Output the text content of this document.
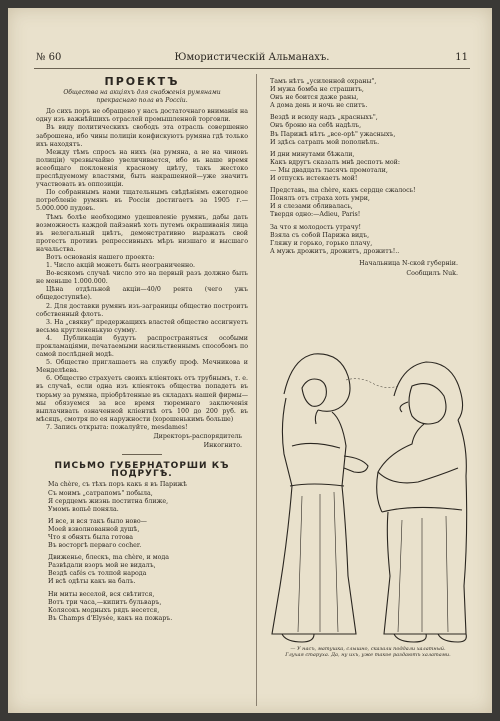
№ 60	Юмористическій Альманахъ.	11
ПРОЕКТЪ
Общества на акціяхъ для снабженія румянами прекраснаго пола въ Россіи.

До сихъ поръ не обращено у насъ достаточнаго вниманія на одну изъ важнѣйшихъ отраслей промышленной торговли.

Въ виду политическихъ свободъ эта отрасль совершенно заброшена, ибо чины полиціи конфискуютъ румяна гдѣ только ихъ находятъ.

Между тѣмъ спросъ на нихъ (на румяна, а не на чиновъ полиціи) чрезвычайно увеличивается, ибо въ наше время всеобщаго поклоненія красному цвѣту, такъ жестоко преслѣдуемому властями, быть накрашенной—уже значитъ участвовать въ оппозиціи.

По собраннымъ нами тщательнымъ свѣдѣніямъ ежегодное потребленіе румянъ въ Россіи достигаетъ за 1905 г.—5.000.000 пудовъ.

Тѣмъ болѣе необходимо удешевленіе румянъ, дабы дать возможность каждой пайзаннѣ хоть путемъ окрашиванія лица въ нелегальный цвѣтъ, демонстративно выражать свой протестъ противъ репрессивныхъ мѣръ низшаго и высшаго начальства.

Вотъ основанія нашего проекта:

1. Число акцій можетъ быть неограниченно.

Во-всякомъ случаѣ число это на первый разъ должно быть не меньше 1.000.000.

Цѣна отдѣльной акціи—40/0 рента (чего ужъ общедоступнѣе).

2. Для доставки румянъ изъ-заграницы общество построитъ собственный флотъ.

3. На „свякву" предержащихъ властей общество ассигнуетъ весьма круглененькую сумму.

4. Публикаціи будутъ распространяться особыми прокламаціями, печатаемыми насильственнымъ способомъ по самой послѣдней модѣ.

5. Общество приглашаетъ на службу проф. Мечникова и Менделѣева.

6. Общество страхуетъ своихъ кліентокъ отъ трубнымъ, т. е. въ случаѣ, если одна изъ кліентокъ общества попадетъ въ тюрьму за румяна, пріобрѣтенные въ складахъ нашей фирмы—мы обязуемся за все время тюремнаго заключенія выплачивать означенной кліенткѣ отъ 100 до 200 руб. въ мѣсяцъ, смотря по ея наружности (хорошенькимъ больше)

7. Запись открыта: пожалуйте, mesdames!

Директоръ-распорядитель
Инкогнито.
ПИСЬМО ГУБЕРНАТОРШИ КЪ ПОДРУГѢ.
Ma chère, съ тѣхъ поръ какъ я въ Парижѣ
Съ моимъ „сатрапомъ" побыла,
Я сердцемъ жизнь поститна ближе,
Умомъ вопьё поняла.
И все, и вся такъ было ново—
Моей взволнованной душѣ,
Что я обнять была готова
Въ восторгѣ перваго cocher.
Движенье, блескъ, ma chère, и мода
Развѣдали взоръ мой не видалъ,
Вездѣ cafés съ толпой народа
И всѣ одѣты какъ на балъ.
Ни миты веселой, вся свѣтится,
Вотъ три часа,—кипитъ бульваръ,
Колясокъ модныхъ рядъ несется,
Въ Champs d'Elysée, какъ на пожаръ.
Тамъ нѣтъ „усиленной охраны",
И мужа бомба не страшитъ,
Онъ не боится даже раны,
А дома день и ночь не спитъ.
Вездѣ и всюду надъ „красныхъ",
Онъ броню на себѣ надѣлъ,
Въ Парижѣ нѣтъ „все-орѣ" ужасныхъ,
И здѣсь сатрапъ мой пополнѣлъ.
И дни минутами бѣжали,
Какъ вдругъ сказалъ мнѣ деспотъ мой:
— Мы двадцать тысячъ промотали,
И отпускъ истекаетъ мой!
Представь, ma chère, какъ сердце сжалось!
Понялъ отъ страха хоть умри,
И я слезами обливалась,
Твердя одно:—Adieu, Paris!
За что я молодость утрачу!
Взяла съ собой Парижа видъ,
Гляжу и горько, горько плачу,
А мужъ дрожитъ, дрожитъ, дрожитъ!..
Начальница N-ской губерніи.
Сообщилъ Nuk.
— У насъ, матушка, слышно, сказали поддали халатный.
Глухая старуха. Да, ну ихъ, уже такое раздаютъ халатами.
